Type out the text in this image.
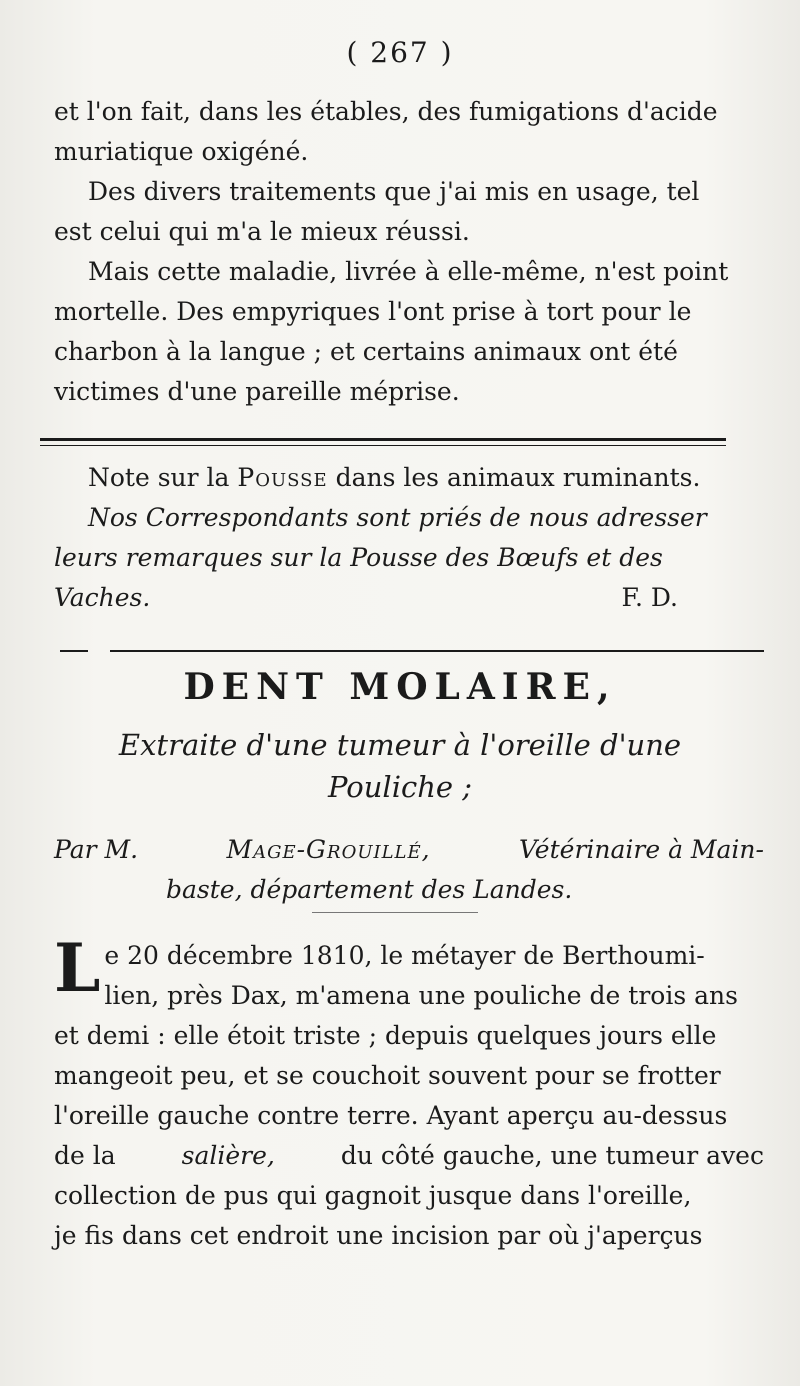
( 267 )
et l'on fait, dans les étables, des fumigations d'acide
muriatique oxigéné.
Des divers traitements que j'ai mis en usage, tel
est celui qui m'a le mieux réussi.
Mais cette maladie, livrée à elle-même, n'est point
mortelle. Des empyriques l'ont prise à tort pour le
charbon à la langue ; et certains animaux ont été
victimes d'une pareille méprise.
Note sur la
Pousse
dans les animaux ruminants.
Nos Correspondants sont priés de nous adresser
leurs remarques sur la Pousse des Bœufs et des
Vaches.	F. D.
DENT MOLAIRE,
Extraite d'une tumeur à l'oreille d'une
Pouliche ;
Par M.	Mage-Grouillé,	Vétérinaire à Main-
baste, département des Landes.
L e 20 décembre 1810, le métayer de Berthoumi-
lien, près Dax, m'amena une pouliche de trois ans
et demi : elle étoit triste ; depuis quelques jours elle
mangeoit peu, et se couchoit souvent pour se frotter
l'oreille gauche contre terre. Ayant aperçu au-dessus
de la	salière,	du côté gauche, une tumeur avec
collection de pus qui gagnoit jusque dans l'oreille,
je fis dans cet endroit une incision par où j'aperçus
